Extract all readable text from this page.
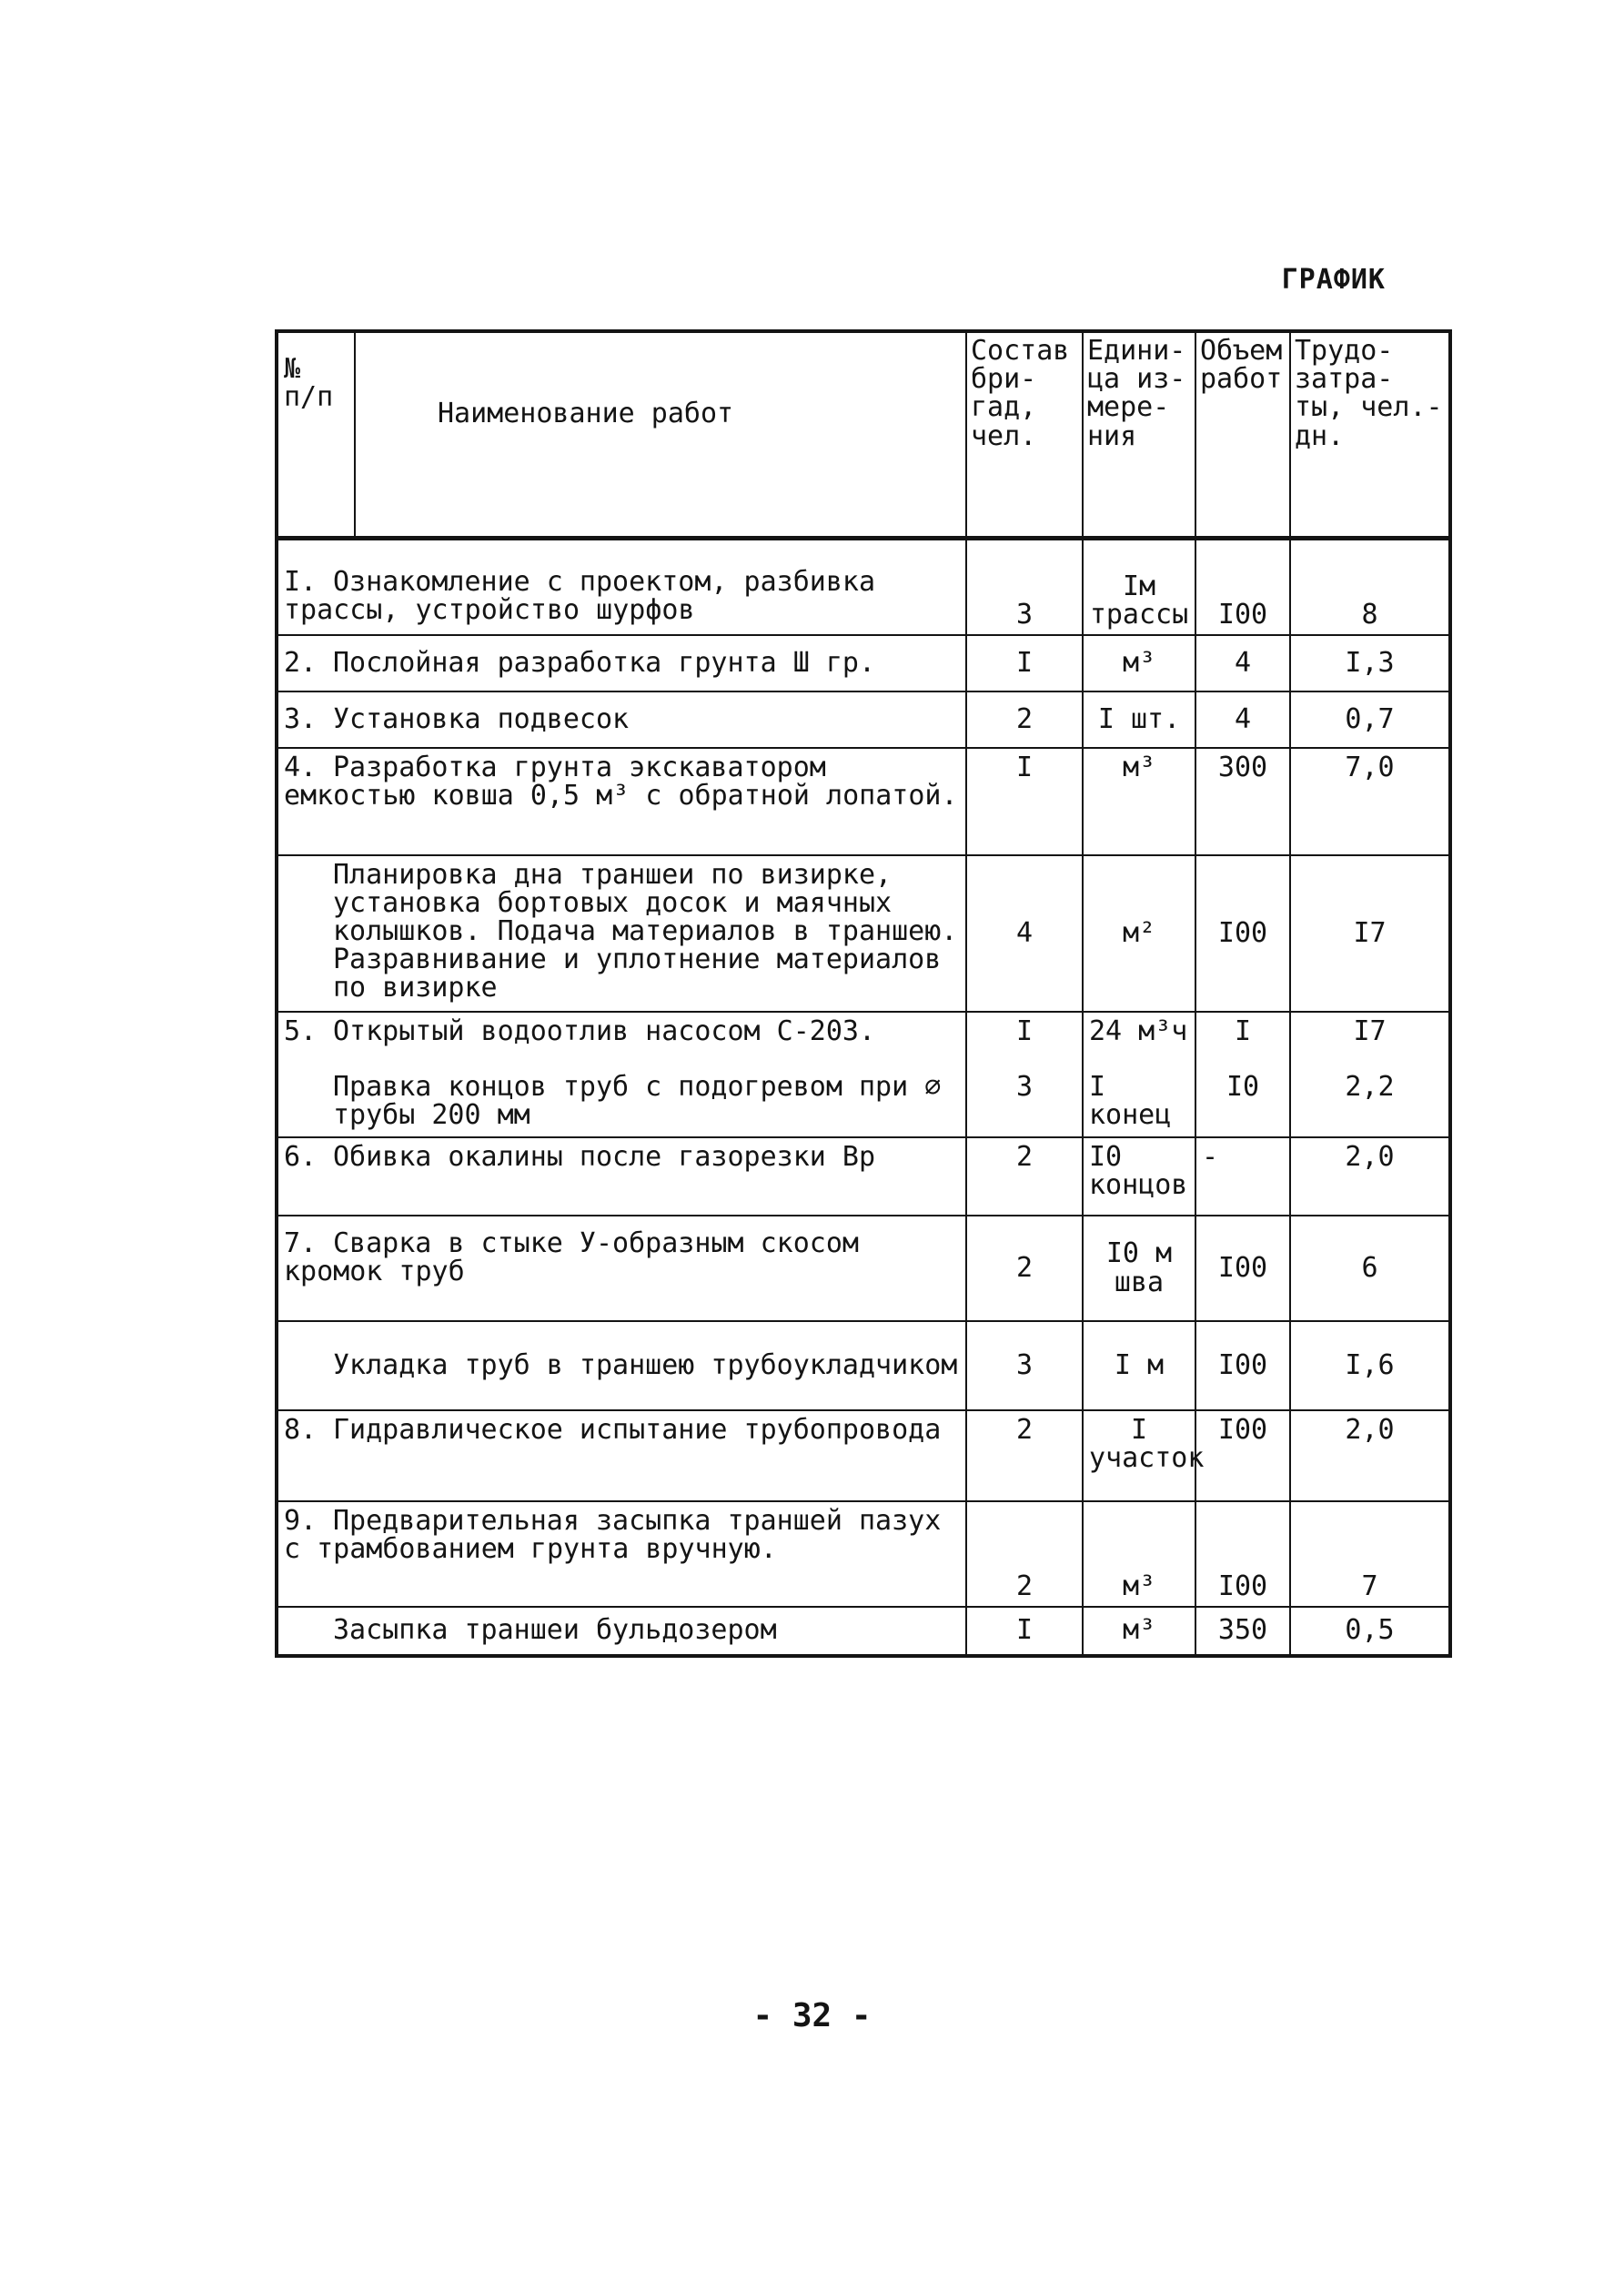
ГРАФИК
№ п/п	Наименование работ	Состав бри- гад, чел.	Едини- ца из- мере- ния	Объем работ	Трудо- затра- ты, чел.-дн.
I. Ознакомление с проектом, разбивка трассы, устройство шурфов		3	Iм трассы	I00	8
2. Послойная разработка грунта Ш гр.		I	м³	4	I,3
3. Установка подвесок		2	I шт.	4	0,7
4. Разработка грунта экскаватором емкостью ковша 0,5 м³ с обратной лопатой.		I	м³	300	7,0
Планировка дна траншеи по визирке, установка бортовых досок и маячных колышков. Подача материалов в траншею. Разравнивание и уплотнение материалов по визирке		4	м²	I00	I7
5. Открытый водоотлив насосом С-203.		I	24 м³ч	I	I7
Правка концов труб с подогревом при ⌀ трубы 200 мм		3	I конец	I0	2,2
6. Обивка окалины после газорезки Вр		2	I0 концов	-	2,0
7. Сварка в стыке У-образным скосом кромок труб		2	I0 м шва	I00	6
Укладка труб в траншею трубоукладчиком		3	I м	I00	I,6
8. Гидравлическое испытание трубопровода		2	I участок	I00	2,0
9. Предварительная засыпка траншей пазух с трамбованием грунта вручную.		2	м³	I00	7
Засыпка траншеи бульдозером		I	м³	350	0,5
- 32 -
